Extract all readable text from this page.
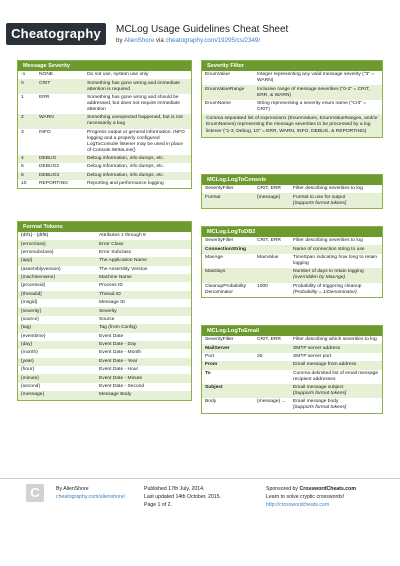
Cheatography	MCLog Usage Guidelines Cheat Sheet
by AlienShore via cheatography.com/19295/cs/2349/
Message Severity
-1	NONE	Do not use, system use only
0	CRIT	Something has gone wrong and immediate attention is required
1	ERR	Something has gone wrong and should be addressed, but does not require immediate attention
2	WARN	Something unexpected happened, but is not necessarily a bug
3	INFO	Progress output or general information. INFO logging and a properly configured LogToConsole listener may be used in place of Console.WriteLine()
4	DEBUG	Debug information, info dumps, etc.
5	DEBUG2	Debug information, info dumps, etc.
6	DEBUG3	Debug information, info dumps, etc.
10	REPORTING	Reporting and performance logging
Format Tokens
{dtf1} - {dtf8}	Attributes 1 through 8
{errorclass}	Error Class
{errorsubclass}	Error Subclass
{app}	The Application Name
{assemblyversion}	The Assembly Version
{machinename}	Machine Name
{processid}	Process ID
{threadid}	Thread ID
{msgid}	Message ID
{severity}	Severity
{source}	Source
{tag}	Tag (from Config)
{eventtime}	Event Date
{day}	Event Date - Day
{month}	Event Date - Month
{year}	Event Date - Year
{hour}	Event Date - Hour
{minute}	Event Date - Minute
{second}	Event Date - Second
{message}	Message Body
Severity Filter
EnumValue	Integer representing any valid message severity ("3" = WARN)
EnumValueRange	Inclusive range of message severities ("0-2" = CRIT, ERR, & WARN)
EnumName	String representing a severity enum name ("Crit" = CRIT)
Comma separated list of expressions (EnumValues, EnumValueRanges, and/or EnumNames) representing the message severities to be processed by a log listener ("1-3, Debug, 10" = ERR, WARN, INFO, DEBUG, & REPORTING)
MCLog.LogToConsole
SeverityFilter	CRIT, ERR	Filter describing severities to log

Format	{message}	Format to use for output
[Supports format tokens]
MCLog.LogToDB2
SeverityFilter	CRIT, ERR	Filter describing severities to log

ConnectionString		Name of connection string to use

MaxAge	MaxValue	TimeSpan indicating how long to retain logging

MaxDays		Number of days to retain logging
(overridden by MaxAge)

CleanupProbability Denominator	1000	Probability of triggering cleanup
(Probability = 1/Denominator)
MCLog.LogToEmail
SeverityFilter	CRIT, ERR	Filter describing which severities to log

MailServer		SMTP server address

Port	25	SMTP server port

From		Email message from address

To		Comma delimited list of email message recipient addresses

Subject		Email message subject
[Supports format tokens]

Body	{message} ...	Email message body
[Supports format tokens]
C	By AlienShore
cheatography.com/alienshore/
Published 17th July, 2014.
Last updated 14th October, 2015.
Page 1 of 2.
Sponsored by CrosswordCheats.com
Learn to solve cryptic crosswords!
http://crosswordcheats.com
